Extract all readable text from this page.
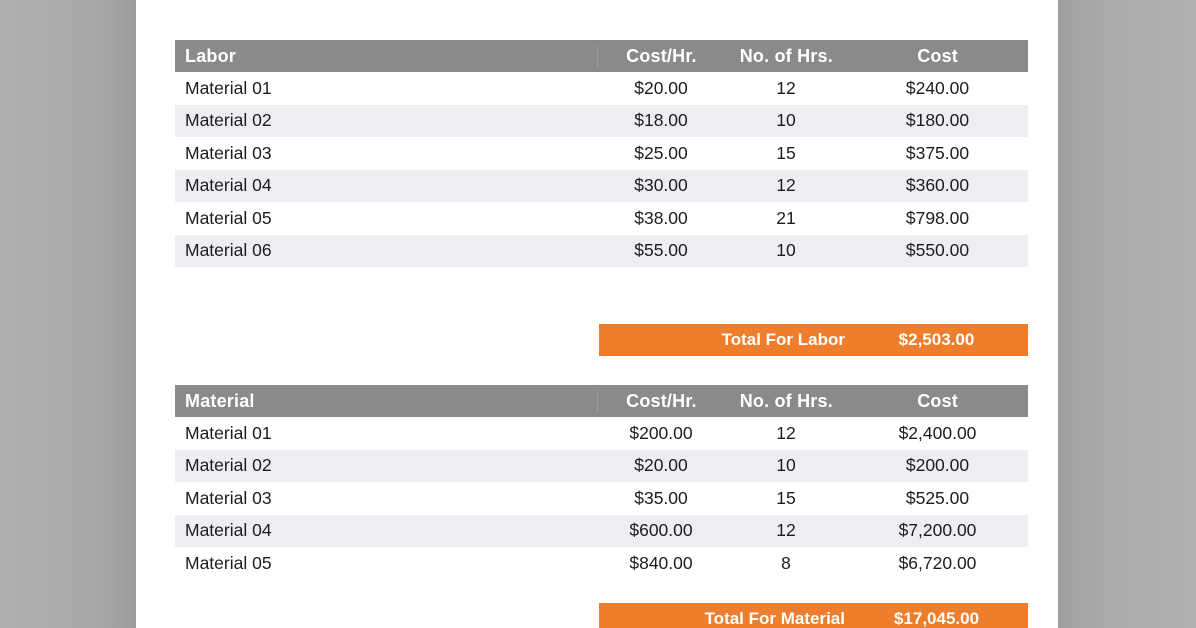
Labor	Cost/Hr.	No. of Hrs.	Cost
Material 01	$20.00	12	$240.00
Material 02	$18.00	10	$180.00
Material 03	$25.00	15	$375.00
Material 04	$30.00	12	$360.00
Material 05	$38.00	21	$798.00
Material 06	$55.00	10	$550.00
Total For Labor	$2,503.00
Material	Cost/Hr.	No. of Hrs.	Cost
Material 01	$200.00	12	$2,400.00
Material 02	$20.00	10	$200.00
Material 03	$35.00	15	$525.00
Material 04	$600.00	12	$7,200.00
Material 05	$840.00	8	$6,720.00
Total For Material	$17,045.00
